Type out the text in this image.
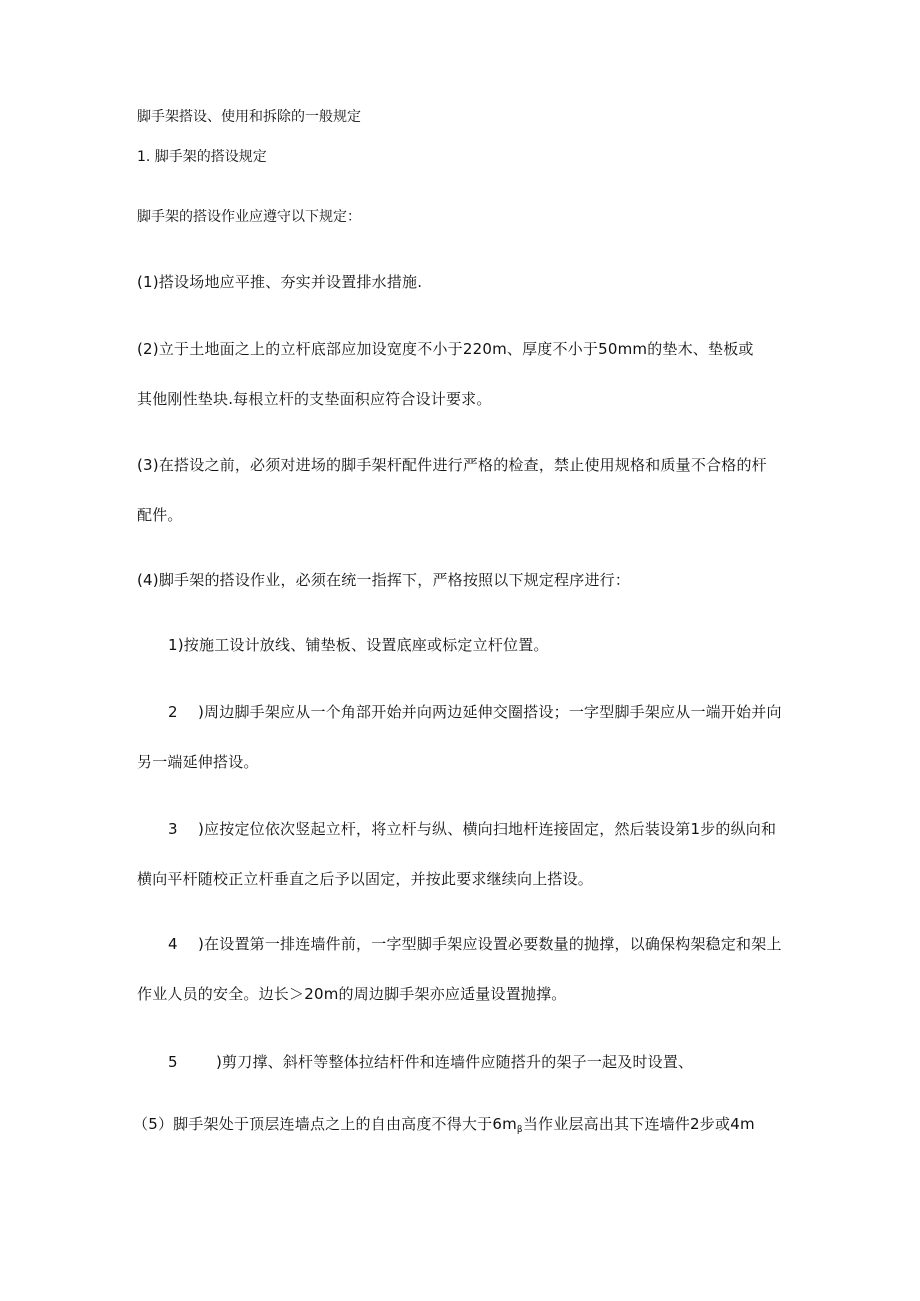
脚手架搭设、使用和拆除的一般规定
1. 脚手架的搭设规定
脚手架的搭设作业应遵守以下规定：
(1)搭设场地应平推、夯实并设置排水措施.
(2)立于土地面之上的立杆底部应加设宽度不小于220m、厚度不小于50mm的垫木、垫板或
其他刚性垫块.每根立杆的支垫面积应符合设计要求。
(3)在搭设之前，必须对进场的脚手架杆配件进行严格的检查，禁止使用规格和质量不合格的杆
配件。
(4)脚手架的搭设作业，必须在统一指挥下，严格按照以下规定程序进行：
1)按施工设计放线、铺垫板、设置底座或标定立杆位置。
2 )周边脚手架应从一个角部开始并向两边延伸交圈搭设；一字型脚手架应从一端开始并向
另一端延伸搭设。
3 )应按定位依次竖起立杆，将立杆与纵、横向扫地杆连接固定，然后装设第1步的纵向和
横向平杆随校正立杆垂直之后予以固定，并按此要求继续向上搭设。
4 )在设置第一排连墙件前，一字型脚手架应设置必要数量的抛撑，以确保构架稳定和架上
作业人员的安全。边长＞20m的周边脚手架亦应适量设置抛撑。
5	)剪刀撑、斜杆等整体拉结杆件和连墙件应随搭升的架子一起及时设置、
（5）脚手架处于顶层连墙点之上的自由高度不得大于$6m_\beta$当作业层高出其下连墙件2步或4m
